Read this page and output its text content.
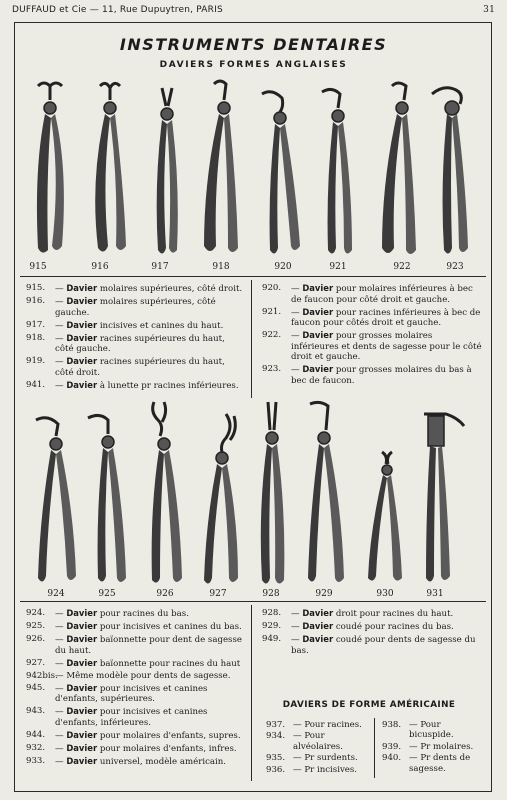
DUFFAUD et Cie — 11, Rue Dupuytren, PARIS	31
INSTRUMENTS DENTAIRES
DAVIERS FORMES ANGLAISES
915	916	917	918	920	921	922	923
915. — Davier molaires supérieures, côté droit.
916. — Davier molaires supérieures, côté gauche.
917. — Davier incisives et canines du haut.
918. — Davier racines supérieures du haut, côté gauche.
919. — Davier racines supérieures du haut, côté droit.
941. — Davier à lunette pr racines inférieures.
920. — Davier pour molaires inférieures à bec de faucon pour côté droit et gauche.
921. — Davier pour racines inférieures à bec de faucon pour côtés droit et gauche.
922. — Davier pour grosses molaires inférieures et dents de sagesse pour le côté droit et gauche.
923. — Davier pour grosses molaires du bas à bec de faucon.
924	925	926	927	928	929	930	931
924. — Davier pour racines du bas.
925. — Davier pour incisives et canines du bas.
926. — Davier baïonnette pour dent de sagesse du haut.
927. — Davier baïonnette pour racines du haut
942bis.
— Même modèle pour dents de sagesse.
945. — Davier pour incisives et canines d'enfants, supérieures.
943. — Davier pour incisives et canines d'enfants, inférieures.
944. — Davier pour molaires d'enfants, supres.
932. — Davier pour molaires d'enfants, infres.
933. — Davier universel, modèle américain.
928. — Davier droit pour racines du haut.
929. — Davier coudé pour racines du bas.
949. — Davier coudé pour dents de sagesse du bas.
DAVIERS DE FORME AMÉRICAINE
937. — Pour racines.
934. — Pour alvéolaires.
935. — Pr surdents.
936. — Pr incisives.
938. — Pour bicuspide.
939. — Pr molaires.
940. — Pr dents de sagesse.
